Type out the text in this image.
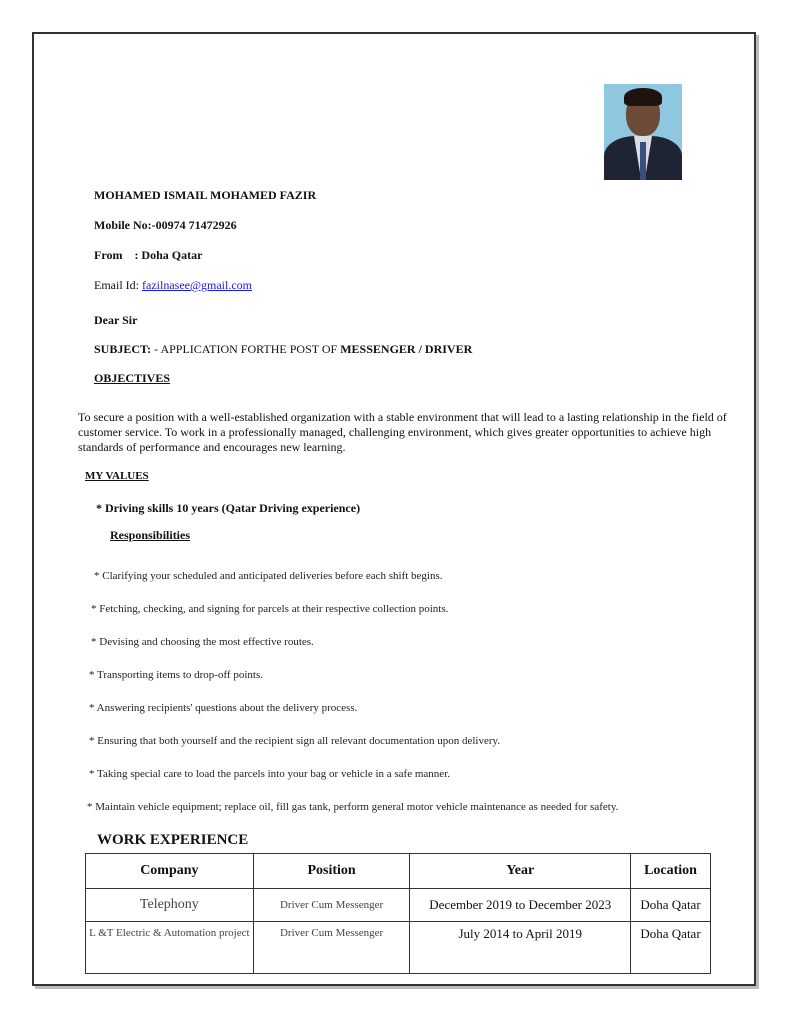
MOHAMED ISMAIL MOHAMED FAZIR
Mobile No:-00974 71472926
From : Doha Qatar
Email Id: fazilnasee@gmail.com
Dear Sir
SUBJECT: - APPLICATION FORTHE POST OF MESSENGER / DRIVER
OBJECTIVES
To secure a position with a well-established organization with a stable environment that will lead to a lasting relationship in the field of customer service. To work in a professionally managed, challenging environment, which gives greater opportunities to achieve high standards of performance and encourages new learning.
MY VALUES
* Driving skills 10 years (Qatar Driving experience)
Responsibilities
* Clarifying your scheduled and anticipated deliveries before each shift begins.
* Fetching, checking, and signing for parcels at their respective collection points.
* Devising and choosing the most effective routes.
* Transporting items to drop-off points.
* Answering recipients' questions about the delivery process.
* Ensuring that both yourself and the recipient sign all relevant documentation upon delivery.
* Taking special care to load the parcels into your bag or vehicle in a safe manner.
* Maintain vehicle equipment; replace oil, fill gas tank, perform general motor vehicle maintenance as needed for safety.
WORK EXPERIENCE
Company	Position	Year	Location
Telephony	Driver Cum Messenger	December 2019 to December 2023	Doha Qatar
L &T Electric & Automation project	Driver Cum Messenger	July 2014 to April 2019	Doha Qatar
